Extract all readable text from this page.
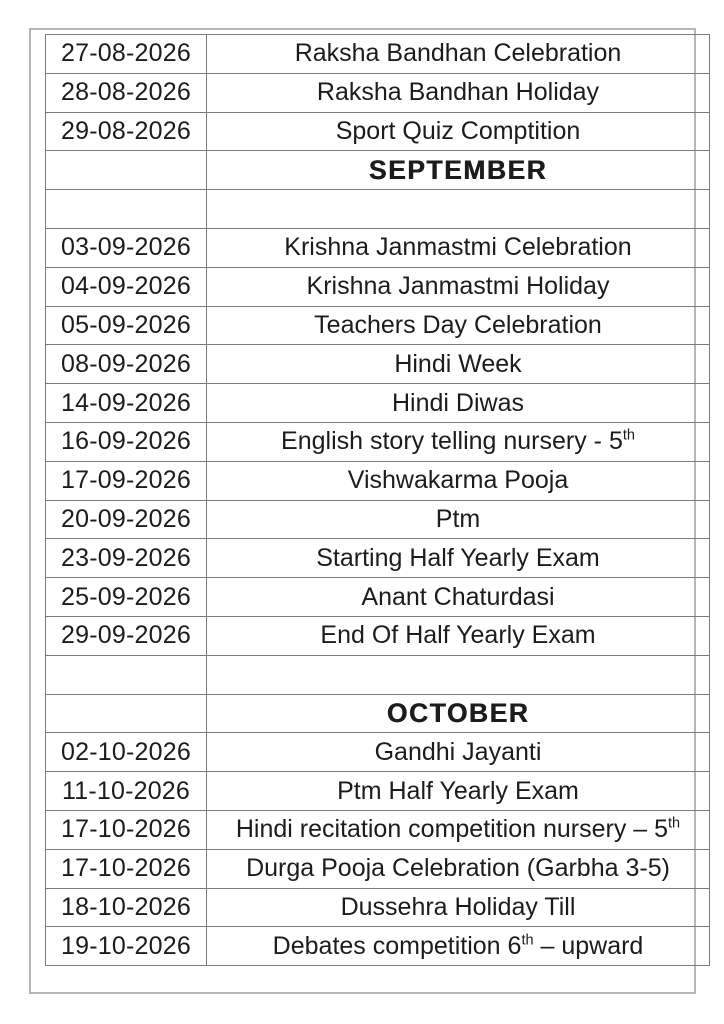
27-08-2026	Raksha Bandhan Celebration
28-08-2026	Raksha Bandhan Holiday
29-08-2026	Sport Quiz Comptition
	SEPTEMBER

03-09-2026	Krishna Janmastmi Celebration
04-09-2026	Krishna Janmastmi Holiday
05-09-2026	Teachers Day Celebration
08-09-2026	Hindi Week
14-09-2026	Hindi Diwas
16-09-2026	English story telling nursery - 5th
17-09-2026	Vishwakarma Pooja
20-09-2026	Ptm
23-09-2026	Starting Half Yearly Exam
25-09-2026	Anant Chaturdasi
29-09-2026	End Of Half Yearly Exam

	OCTOBER
02-10-2026	Gandhi Jayanti
11-10-2026	Ptm Half Yearly Exam
17-10-2026	Hindi recitation competition nursery – 5th
17-10-2026	Durga Pooja Celebration (Garbha 3-5)
18-10-2026	Dussehra Holiday Till
19-10-2026	Debates competition 6th – upward
